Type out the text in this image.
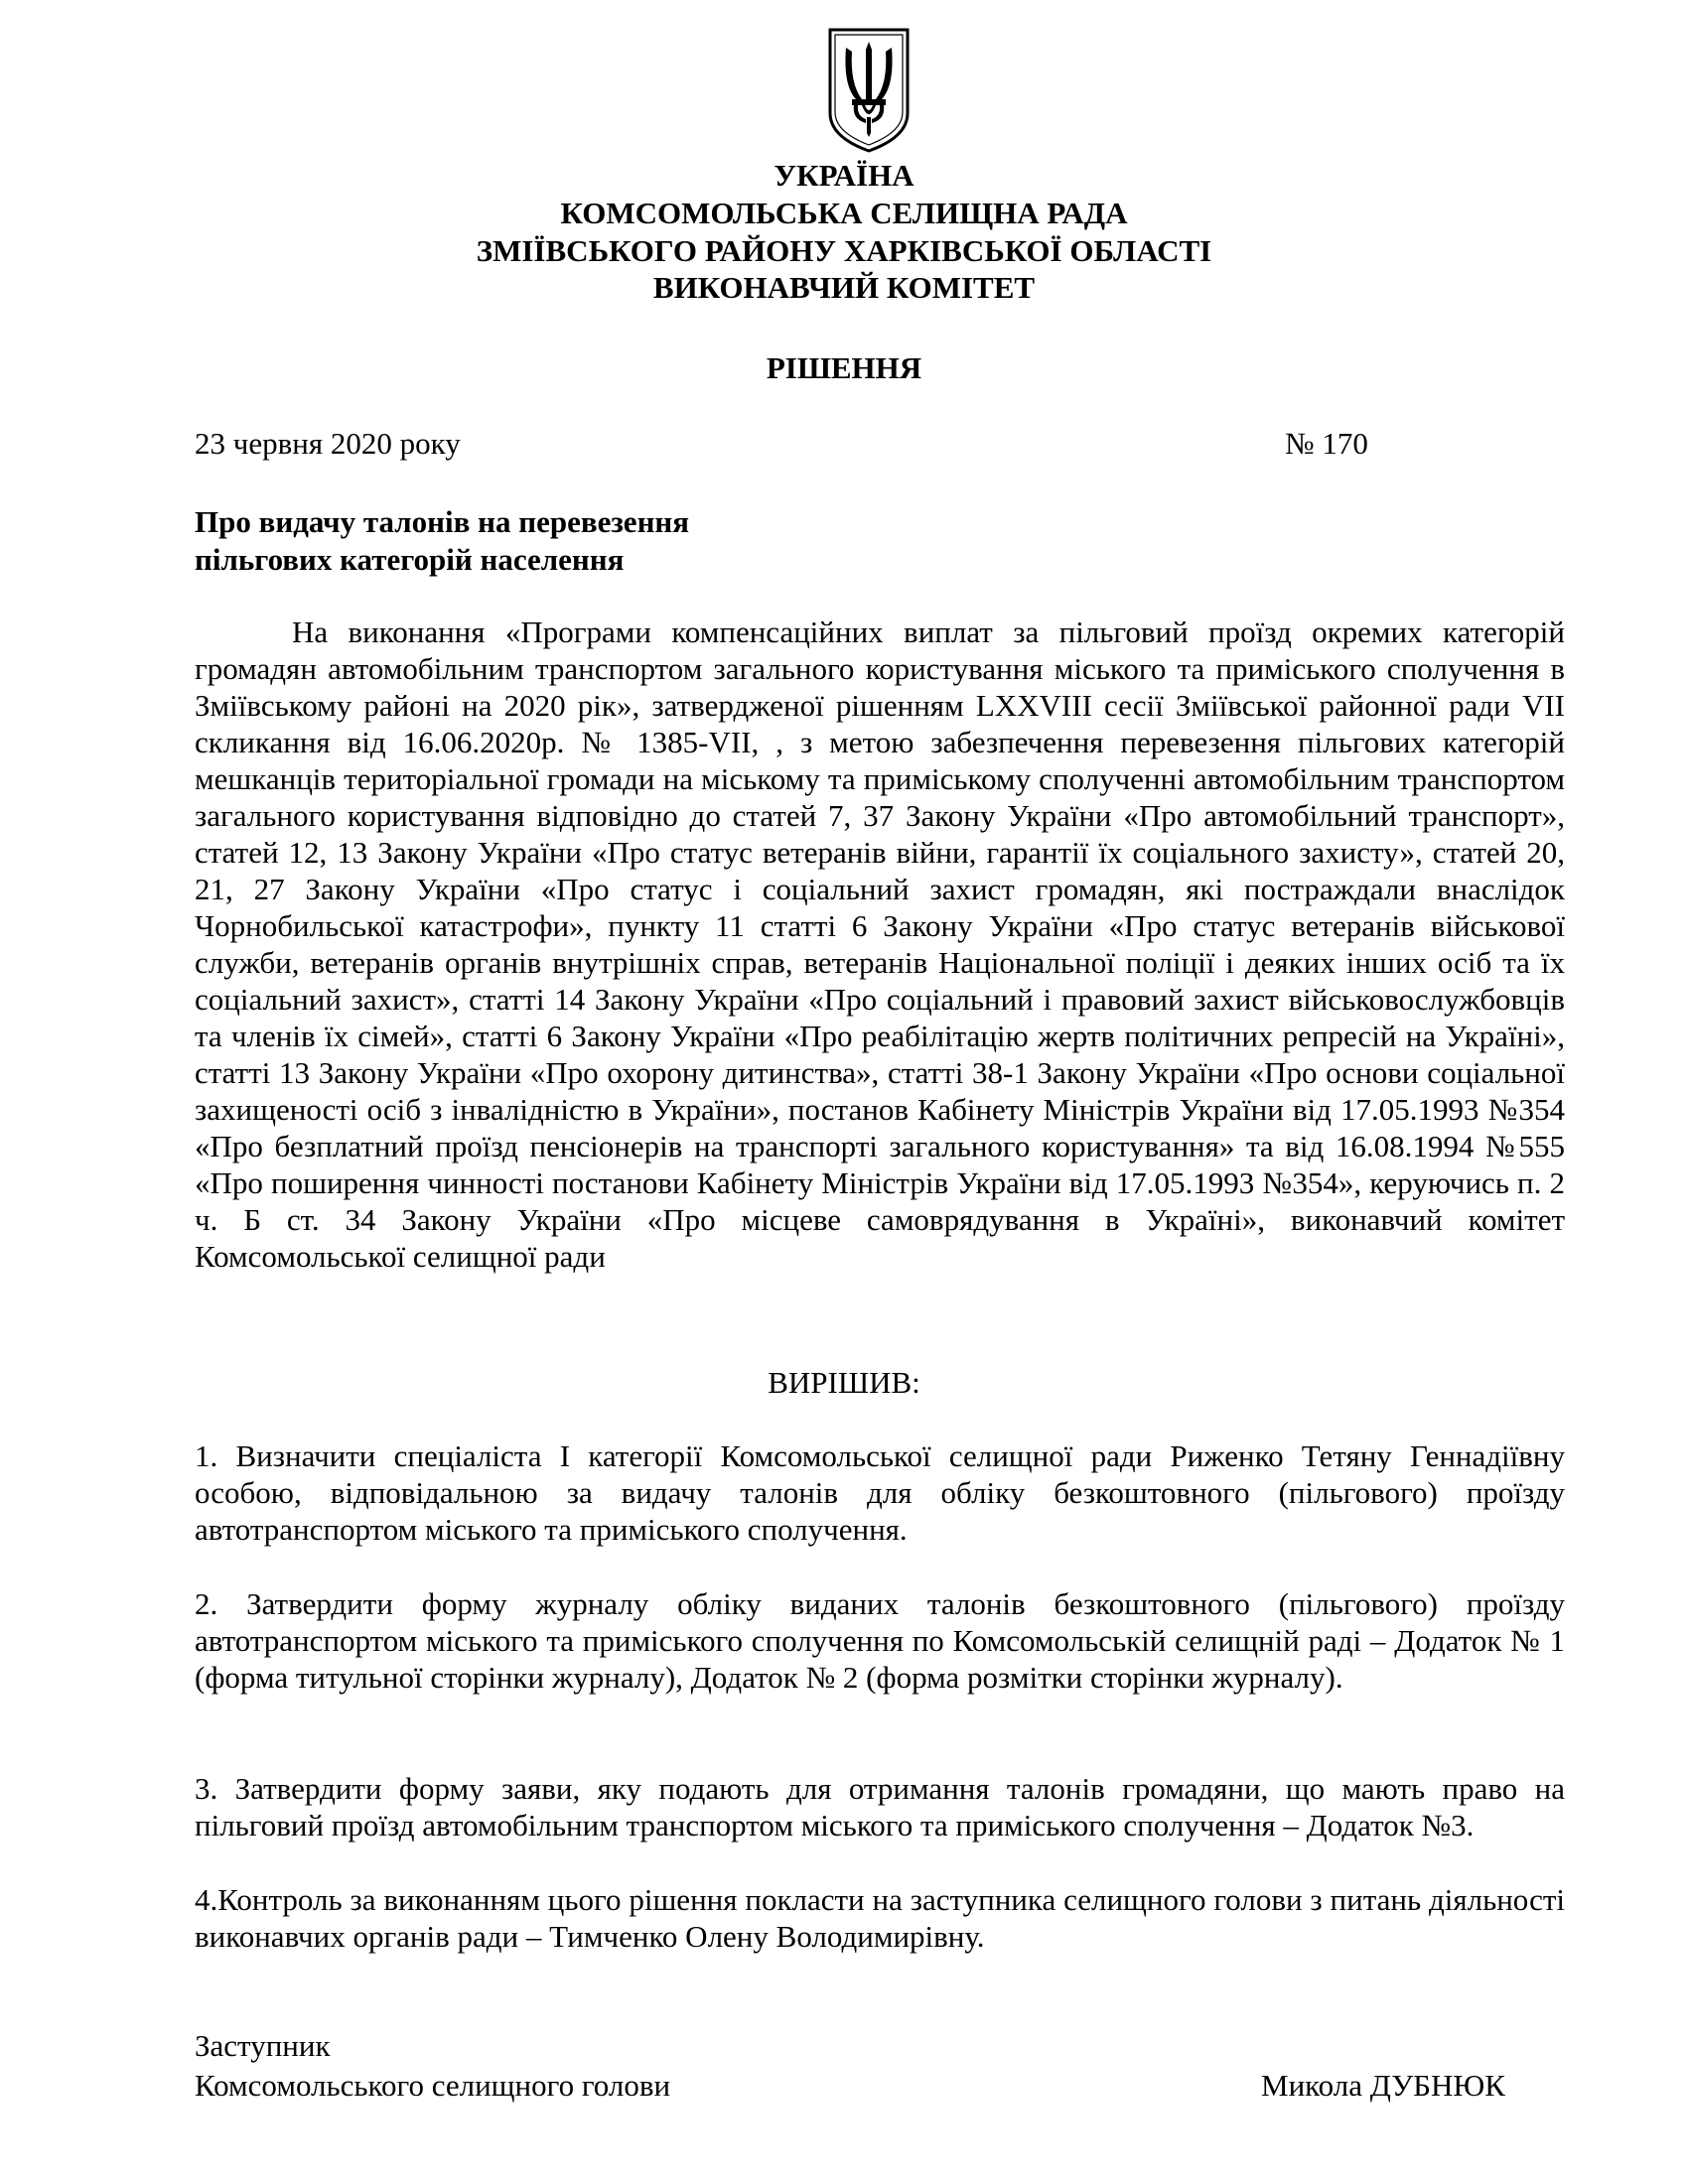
УКРАЇНА
КОМСОМОЛЬСЬКА СЕЛИЩНА РАДА
ЗМІЇВСЬКОГО РАЙОНУ ХАРКІВСЬКОЇ ОБЛАСТІ
ВИКОНАВЧИЙ КОМІТЕТ
РІШЕННЯ
23 червня 2020 року	№ 170
Про видачу талонів на перевезення
пільгових категорій населення
На виконання «Програми компенсаційних виплат за пільговий проїзд окремих категорій громадян автомобільним транспортом загального користування міського та приміського сполучення в Зміївському районі на 2020 рік», затвердженої рішенням LXXVIII сесії Зміївської районної ради VII скликання від 16.06.2020р. № 1385-VII, , з метою забезпечення перевезення пільгових категорій мешканців територіальної громади на міському та приміському сполученні автомобільним транспортом загального користування відповідно до статей 7, 37 Закону України «Про автомобільний транспорт», статей 12, 13 Закону України «Про статус ветеранів війни, гарантії їх соціального захисту», статей 20, 21, 27 Закону України «Про статус і соціальний захист громадян, які постраждали внаслідок Чорнобильської катастрофи», пункту 11 статті 6 Закону України «Про статус ветеранів військової служби, ветеранів органів внутрішніх справ, ветеранів Національної поліції і деяких інших осіб та їх соціальний захист», статті 14 Закону України «Про соціальний і правовий захист військовослужбовців та членів їх сімей», статті 6 Закону України «Про реабілітацію жертв політичних репресій на Україні», статті 13 Закону України «Про охорону дитинства», статті 38-1 Закону України «Про основи соціальної захищеності осіб з інвалідністю в України», постанов Кабінету Міністрів України від 17.05.1993 №354 «Про безплатний проїзд пенсіонерів на транспорті загального користування» та від 16.08.1994 №555 «Про поширення чинності постанови Кабінету Міністрів України від 17.05.1993 №354», керуючись п. 2 ч. Б ст. 34 Закону України «Про місцеве самоврядування в Україні», виконавчий комітет Комсомольської селищної ради
ВИРІШИВ:
1. Визначити спеціаліста І категорії Комсомольської селищної ради Риженко Тетяну Геннадіївну особою, відповідальною за видачу талонів для обліку безкоштовного (пільгового) проїзду автотранспортом міського та приміського сполучення.
2. Затвердити форму журналу обліку виданих талонів безкоштовного (пільгового) проїзду автотранспортом міського та приміського сполучення по Комсомольській селищній раді – Додаток № 1 (форма титульної сторінки журналу), Додаток № 2 (форма розмітки сторінки журналу).
3. Затвердити форму заяви, яку подають для отримання талонів громадяни, що мають право на пільговий проїзд автомобільним транспортом міського та приміського сполучення – Додаток №3.
4.Контроль за виконанням цього рішення покласти на заступника селищного голови з питань діяльності виконавчих органів ради – Тимченко Олену Володимирівну.
Заступник
Комсомольського селищного голови	Микола ДУБНЮК
